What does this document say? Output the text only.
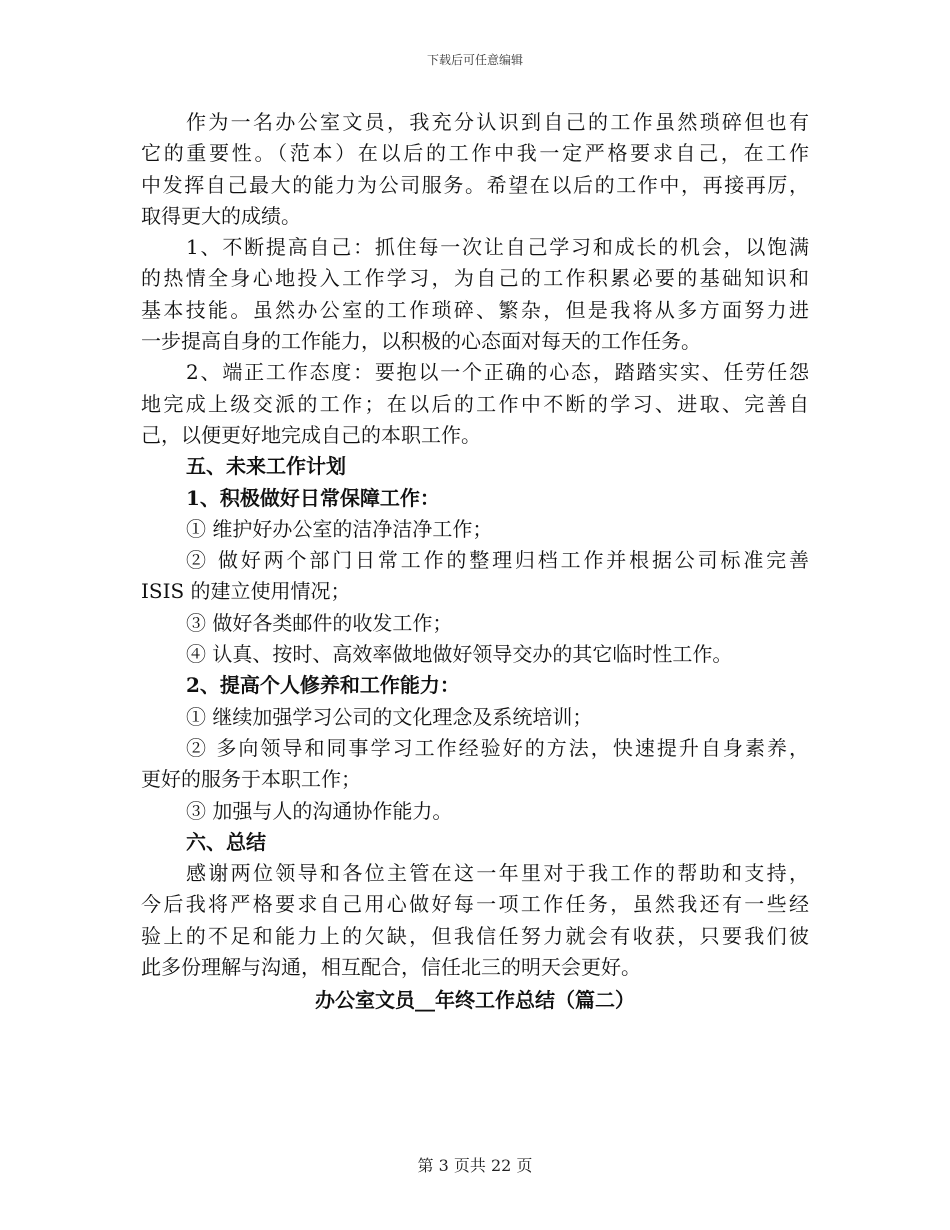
下载后可任意编辑
作为一名办公室文员，我充分认识到自己的工作虽然琐碎但也有
它的重要性。（范本）在以后的工作中我一定严格要求自己，在工作
中发挥自己最大的能力为公司服务。希望在以后的工作中，再接再厉，
取得更大的成绩。
1、不断提高自己：抓住每一次让自己学习和成长的机会，以饱满
的热情全身心地投入工作学习，为自己的工作积累必要的基础知识和
基本技能。虽然办公室的工作琐碎、繁杂，但是我将从多方面努力进
一步提高自身的工作能力，以积极的心态面对每天的工作任务。
2、端正工作态度：要抱以一个正确的心态，踏踏实实、任劳任怨
地完成上级交派的工作；在以后的工作中不断的学习、进取、完善自
己，以便更好地完成自己的本职工作。
五、未来工作计划
1、积极做好日常保障工作：
① 维护好办公室的洁净洁净工作；
② 做好两个部门日常工作的整理归档工作并根据公司标准完善
ISIS 的建立使用情况；
③ 做好各类邮件的收发工作；
④ 认真、按时、高效率做地做好领导交办的其它临时性工作。
2、提高个人修养和工作能力：
① 继续加强学习公司的文化理念及系统培训；
② 多向领导和同事学习工作经验好的方法，快速提升自身素养，
更好的服务于本职工作；
③ 加强与人的沟通协作能力。
六、总结
感谢两位领导和各位主管在这一年里对于我工作的帮助和支持，
今后我将严格要求自己用心做好每一项工作任务，虽然我还有一些经
验上的不足和能力上的欠缺，但我信任努力就会有收获，只要我们彼
此多份理解与沟通，相互配合，信任北三的明天会更好。
办公室文员__年终工作总结（篇二）
第 3 页共 22 页
